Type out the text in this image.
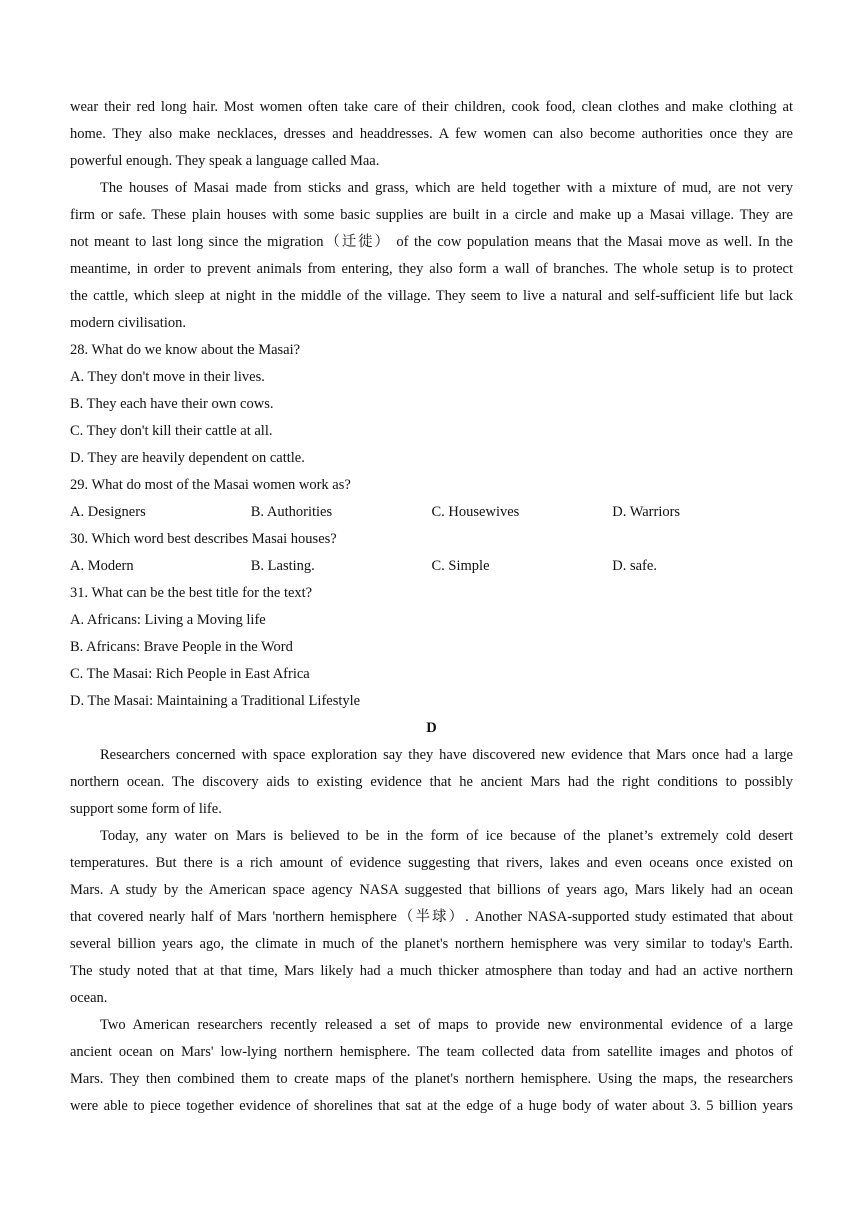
wear their red long hair. Most women often take care of their children, cook food, clean clothes and make clothing at
home. They also make necklaces, dresses and headdresses. A few women can also become authorities once they are
powerful enough. They speak a language called Maa.
The houses of Masai made from sticks and grass, which are held together with a mixture of mud, are not very
firm or safe. These plain houses with some basic supplies are built in a circle and make up a Masai village. They are
not meant to last long since the migration（迁徙） of the cow population means that the Masai move as well. In the
meantime, in order to prevent animals from entering, they also form a wall of branches. The whole setup is to protect
the cattle, which sleep at night in the middle of the village. They seem to live a natural and self-sufficient life but lack
modern civilisation.
28. What do we know about the Masai?
A. They don't move in their lives.
B. They each have their own cows.
C. They don't kill their cattle at all.
D. They are heavily dependent on cattle.
29. What do most of the Masai women work as?
A. Designers	B. Authorities	C. Housewives	D. Warriors
30. Which word best describes Masai houses?
A. Modern	B. Lasting.	C. Simple	D. safe.
31. What can be the best title for the text?
A. Africans: Living a Moving life
B. Africans: Brave People in the Word
C. The Masai: Rich People in East Africa
D. The Masai: Maintaining a Traditional Lifestyle
D
Researchers concerned with space exploration say they have discovered new evidence that Mars once had a large
northern ocean. The discovery aids to existing evidence that he ancient Mars had the right conditions to possibly
support some form of life.
Today, any water on Mars is believed to be in the form of ice because of the planet’s extremely cold desert
temperatures. But there is a rich amount of evidence suggesting that rivers, lakes and even oceans once existed on
Mars. A study by the American space agency NASA suggested that billions of years ago, Mars likely had an ocean
that covered nearly half of Mars 'northern hemisphere（半球）. Another NASA-supported study estimated that about
several billion years ago, the climate in much of the planet's northern hemisphere was very similar to today's Earth.
The study noted that at that time, Mars likely had a much thicker atmosphere than today and had an active northern
ocean.
Two American researchers recently released a set of maps to provide new environmental evidence of a large
ancient ocean on Mars' low-lying northern hemisphere. The team collected data from satellite images and photos of
Mars. They then combined them to create maps of the planet's northern hemisphere. Using the maps, the researchers
were able to piece together evidence of shorelines that sat at the edge of a huge body of water about 3. 5 billion years
